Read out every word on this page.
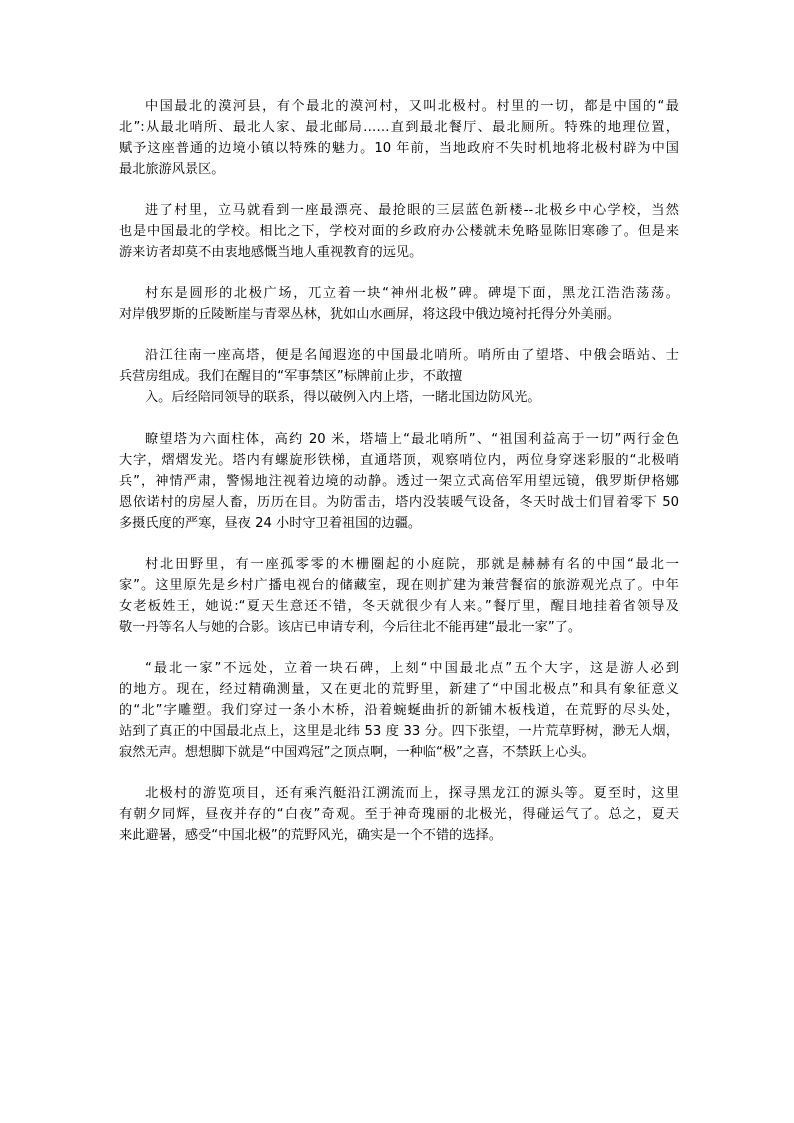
中国最北的漠河县，有个最北的漠河村，又叫北极村。村里的一切，都是中国的“最
北”:从最北哨所、最北人家、最北邮局……直到最北餐厅、最北厕所。特殊的地理位置，
赋予这座普通的边境小镇以特殊的魅力。10 年前，当地政府不失时机地将北极村辟为中国
最北旅游风景区。
进了村里，立马就看到一座最漂亮、最抢眼的三层蓝色新楼--北极乡中心学校，当然
也是中国最北的学校。相比之下，学校对面的乡政府办公楼就未免略显陈旧寒碜了。但是来
游来访者却莫不由衷地感慨当地人重视教育的远见。
村东是圆形的北极广场，兀立着一块“神州北极”碑。碑堤下面，黑龙江浩浩荡荡。
对岸俄罗斯的丘陵断崖与青翠丛林，犹如山水画屏，将这段中俄边境衬托得分外美丽。
沿江往南一座高塔，便是名闻遐迩的中国最北哨所。哨所由了望塔、中俄会晤站、士
兵营房组成。我们在醒目的“军事禁区”标牌前止步，不敢擅
入。后经陪同领导的联系，得以破例入内上塔，一睹北国边防风光。
瞭望塔为六面柱体，高约 20 米，塔墙上“最北哨所”、“祖国利益高于一切”两行金色
大字，熠熠发光。塔内有螺旋形铁梯，直通塔顶，观察哨位内，两位身穿迷彩服的“北极哨
兵”，神情严肃，警惕地注视着边境的动静。透过一架立式高倍军用望远镜，俄罗斯伊格娜
恩依诺村的房屋人畜，历历在目。为防雷击，塔内没装暖气设备，冬天时战士们冒着零下 50
多摄氏度的严寒，昼夜 24 小时守卫着祖国的边疆。
村北田野里，有一座孤零零的木栅圈起的小庭院，那就是赫赫有名的中国“最北一
家”。这里原先是乡村广播电视台的储藏室，现在则扩建为兼营餐宿的旅游观光点了。中年
女老板姓王，她说:“夏天生意还不错，冬天就很少有人来。”餐厅里，醒目地挂着省领导及
敬一丹等名人与她的合影。该店已申请专利，今后往北不能再建“最北一家”了。
“最北一家”不远处，立着一块石碑，上刻“中国最北点”五个大字，这是游人必到
的地方。现在，经过精确测量，又在更北的荒野里，新建了“中国北极点”和具有象征意义
的“北”字雕塑。我们穿过一条小木桥，沿着蜿蜒曲折的新铺木板栈道，在荒野的尽头处，
站到了真正的中国最北点上，这里是北纬 53 度 33 分。四下张望，一片荒草野树，渺无人烟，
寂然无声。想想脚下就是“中国鸡冠”之顶点啊，一种临“极”之喜，不禁跃上心头。
北极村的游览项目，还有乘汽艇沿江溯流而上，探寻黑龙江的源头等。夏至时，这里
有朝夕同辉，昼夜并存的“白夜”奇观。至于神奇瑰丽的北极光，得碰运气了。总之，夏天
来此避暑，感受“中国北极”的荒野风光，确实是一个不错的选择。
